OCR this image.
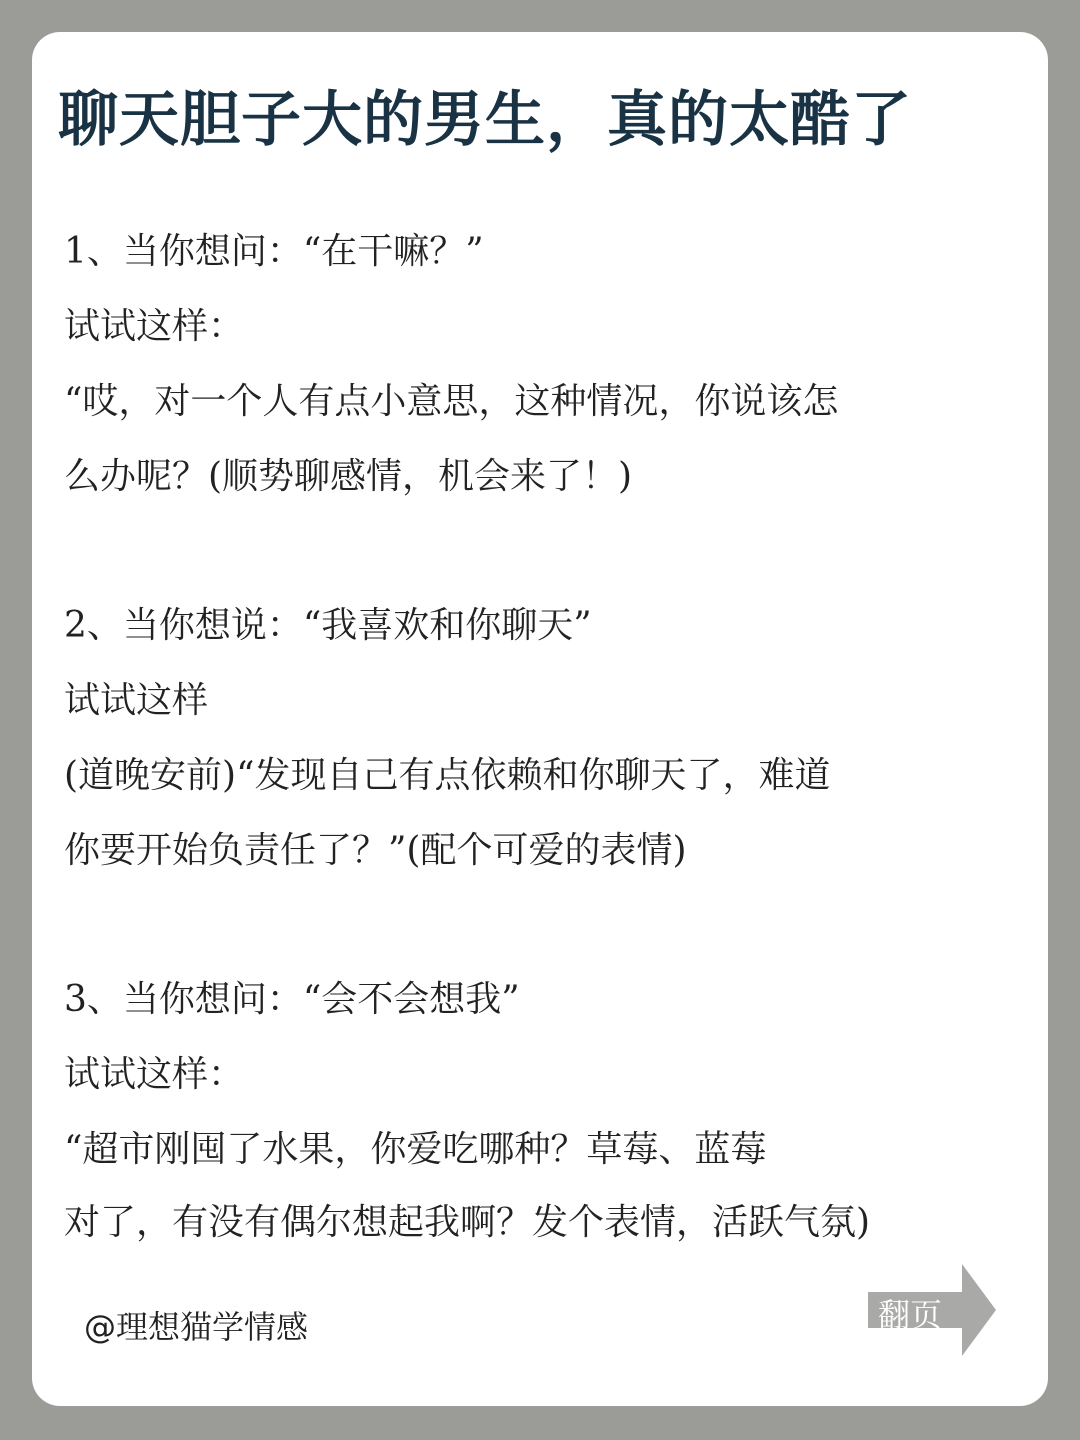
聊天胆子大的男生，真的太酷了

1、当你想问：“在干嘛？”

试试这样：

“哎，对一个人有点小意思，这种情况，你说该怎

么办呢？(顺势聊感情，机会来了！)

2、当你想说：“我喜欢和你聊天”

试试这样

(道晚安前)“发现自己有点依赖和你聊天了，难道

你要开始负责任了？”(配个可爱的表情)

3、当你想问：“会不会想我”

试试这样：

“超市刚囤了水果，你爱吃哪种？草莓、蓝莓

对了，有没有偶尔想起我啊？发个表情，活跃气氛)

@理想猫学情感	翻页
